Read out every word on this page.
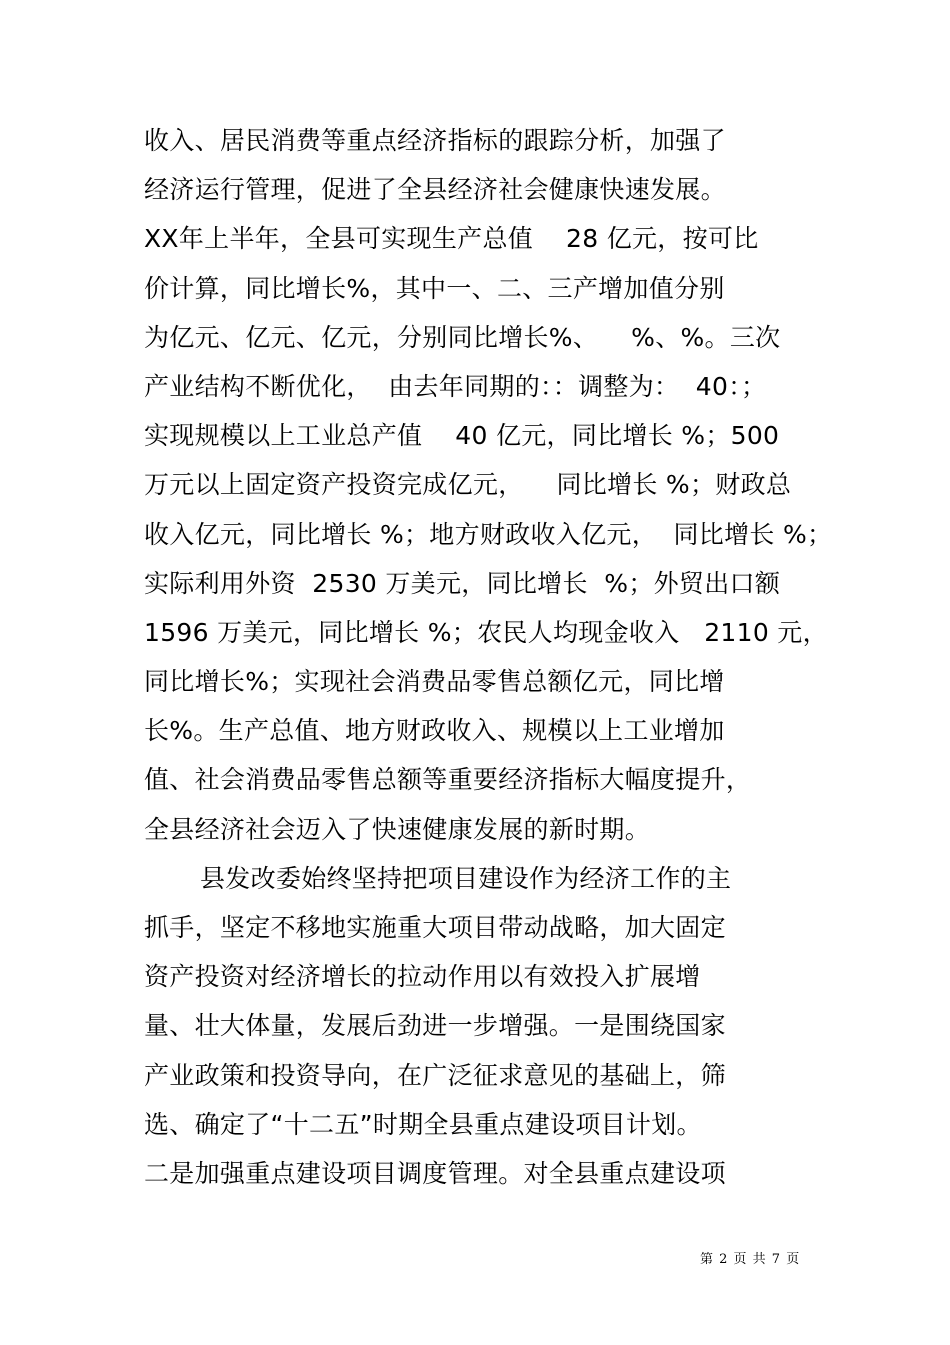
收入、居民消费等重点经济指标的跟踪分析，加强了
经济运行管理，促进了全县经济社会健康快速发展。
XX年上半年，全县可实现生产总值    28 亿元，按可比
价计算，同比增长%，其中一、二、三产增加值分别
为亿元、亿元、亿元，分别同比增长%、    %、%。三次
产业结构不断优化，  由去年同期的：：调整为：  40：；
实现规模以上工业总产值    40 亿元，同比增长 %；500
万元以上固定资产投资完成亿元，    同比增长 %；财政总
收入亿元，同比增长 %；地方财政收入亿元，  同比增长 %；
实际利用外资  2530 万美元，同比增长  %；外贸出口额
1596 万美元，同比增长 %；农民人均现金收入   2110 元，
同比增长%；实现社会消费品零售总额亿元，同比增
长%。生产总值、地方财政收入、规模以上工业增加
值、社会消费品零售总额等重要经济指标大幅度提升，
全县经济社会迈入了快速健康发展的新时期。
县发改委始终坚持把项目建设作为经济工作的主
抓手，坚定不移地实施重大项目带动战略，加大固定
资产投资对经济增长的拉动作用以有效投入扩展增
量、壮大体量，发展后劲进一步增强。一是围绕国家
产业政策和投资导向，在广泛征求意见的基础上，筛
选、确定了“十二五”时期全县重点建设项目计划。
二是加强重点建设项目调度管理。对全县重点建设项
第 2 页 共 7 页
